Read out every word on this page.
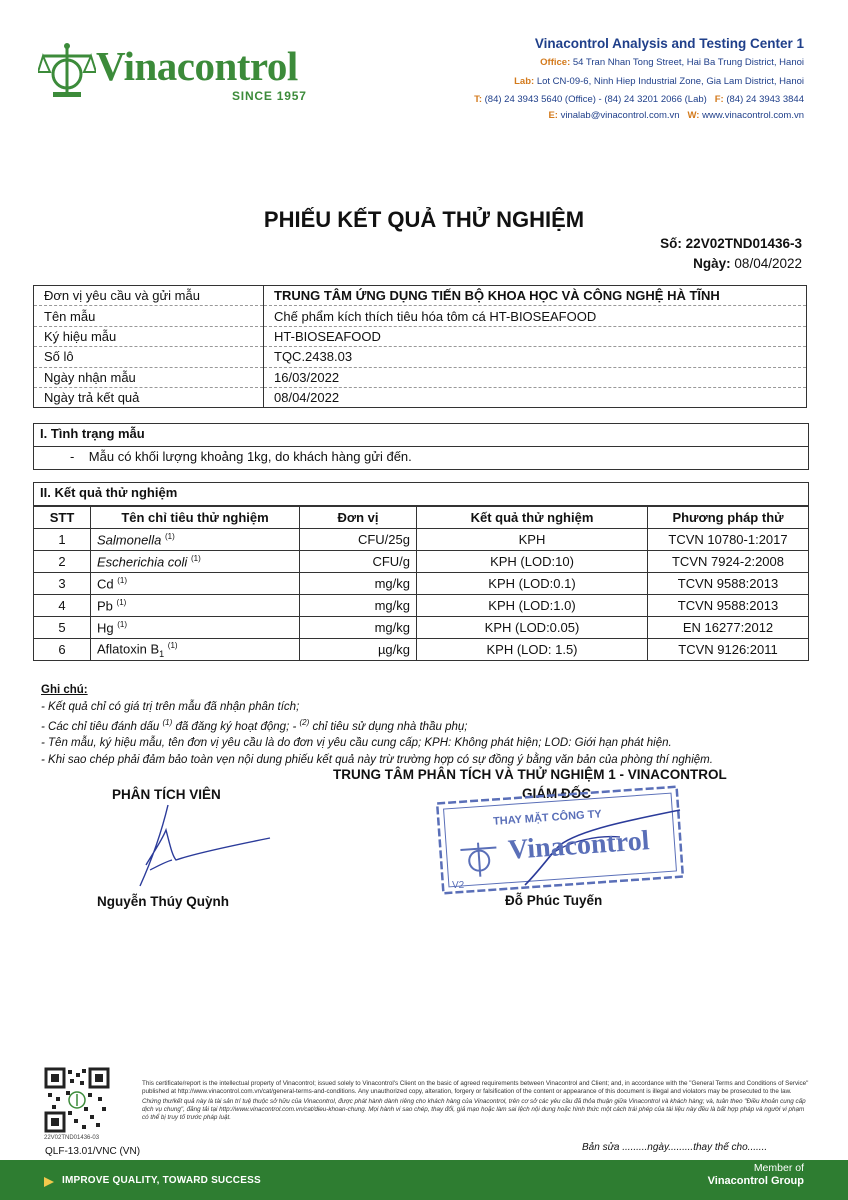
Vinacontrol
SINCE 1957
Vinacontrol Analysis and Testing Center 1
Office: 54 Tran Nhan Tong Street, Hai Ba Trung District, Hanoi
Lab: Lot CN-09-6, Ninh Hiep Industrial Zone, Gia Lam District, Hanoi
T: (84) 24 3943 5640 (Office) - (84) 24 3201 2066 (Lab) F: (84) 24 3943 3844
E: vinalab@vinacontrol.com.vn W: www.vinacontrol.com.vn
PHIẾU KẾT QUẢ THỬ NGHIỆM
Số: 22V02TND01436-3
Ngày: 08/04/2022
Đơn vị yêu cầu và gửi mẫu	TRUNG TÂM ỨNG DỤNG TIẾN BỘ KHOA HỌC VÀ CÔNG NGHỆ HÀ TĨNH
Tên mẫu	Chế phẩm kích thích tiêu hóa tôm cá HT-BIOSEAFOOD
Ký hiệu mẫu	HT-BIOSEAFOOD
Số lô	TQC.2438.03
Ngày nhận mẫu	16/03/2022
Ngày trả kết quả	08/04/2022
I. Tình trạng mẫu
- Mẫu có khối lượng khoảng 1kg, do khách hàng gửi đến.
II. Kết quả thử nghiệm
STT	Tên chỉ tiêu thử nghiệm	Đơn vị	Kết quả thử nghiệm	Phương pháp thử
1	Salmonella $^{(1)}$	CFU/25g	KPH	TCVN 10780-1:2017
2	Escherichia coli $^{(1)}$	CFU/g	KPH (LOD:10)	TCVN 7924-2:2008
3	Cd $^{(1)}$	mg/kg	KPH (LOD:0.1)	TCVN 9588:2013
4	Pb $^{(1)}$	mg/kg	KPH (LOD:1.0)	TCVN 9588:2013
5	Hg $^{(1)}$	mg/kg	KPH (LOD:0.05)	EN 16277:2012
6	Aflatoxin $B_1$ $^{(1)}$	µg/kg	KPH (LOD: 1.5)	TCVN 9126:2011
Ghi chú:
- Kết quả chỉ có giá trị trên mẫu đã nhận phân tích;
- Các chỉ tiêu đánh dấu $^{(1)}$ đã đăng ký hoạt động; - $^{(2)}$ chỉ tiêu sử dụng nhà thầu phụ;
- Tên mẫu, ký hiệu mẫu, tên đơn vị yêu cầu là do đơn vị yêu cầu cung cấp; KPH: Không phát hiện; LOD: Giới hạn phát hiện.
- Khi sao chép phải đảm bảo toàn vẹn nội dung phiếu kết quả này trừ trường hợp có sự đồng ý bằng văn bản của phòng thí nghiệm.
TRUNG TÂM PHÂN TÍCH VÀ THỬ NGHIỆM 1 - VINACONTROL
PHÂN TÍCH VIÊN	GIÁM ĐỐC
THAY MẶT CÔNG TY
Vinacontrol
V2
Nguyễn Thúy Quỳnh	Đỗ Phúc Tuyến
22V02TND01436-03
This certificate/report is the intellectual property of Vinacontrol; issued solely to Vinacontrol's Client on the basic of agreed requirements between Vinacontrol and Client; and, in accordance with the "General Terms and Conditions of Service" published at http://www.vinacontrol.com.vn/cat/general-terms-and-conditions. Any unauthorized copy, alteration, forgery or falsification of the content or appearance of this document is illegal and violators may be prosecuted to the law.
Chứng thư/kết quả này là tài sản trí tuệ thuộc sở hữu của Vinacontrol, được phát hành dành riêng cho khách hàng của Vinacontrol, trên cơ sở các yêu cầu đã thỏa thuận giữa Vinacontrol và khách hàng; và, tuân theo "Điều khoản cung cấp dịch vụ chung", đăng tải tại http://www.vinacontrol.com.vn/cat/dieu-khoan-chung. Mọi hành vi sao chép, thay đổi, giả mạo hoặc làm sai lệch nội dung hoặc hình thức một cách trái phép của tài liệu này đều là bất hợp pháp và người vi phạm có thể bị truy tố trước pháp luật.
QLF-13.01/VNC (VN)	Bản sửa .........ngày.........thay thế cho.......
IMPROVE QUALITY, TOWARD SUCCESS
Member of
Vinacontrol Group
